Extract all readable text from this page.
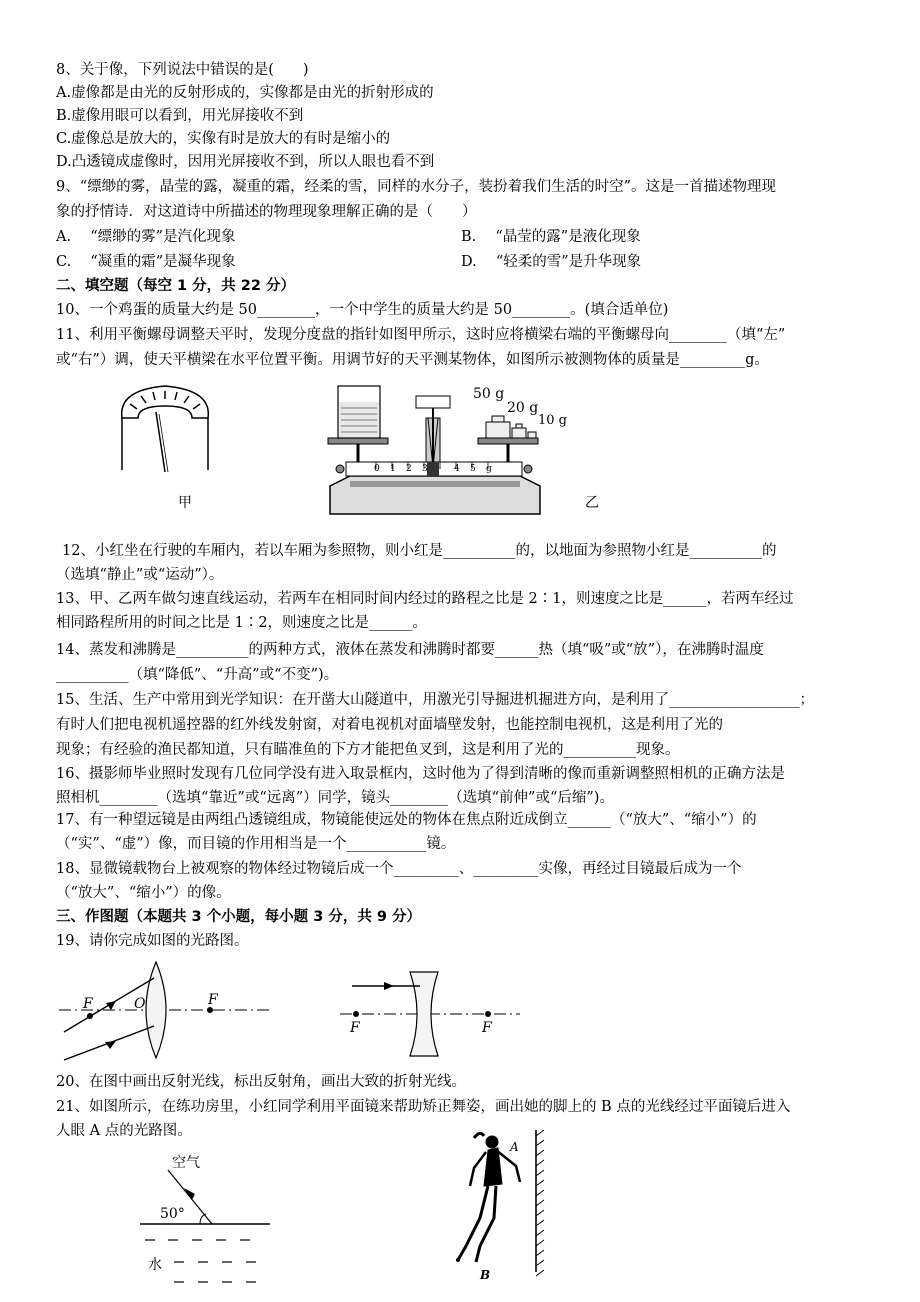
8、关于像，下列说法中错误的是(　　)
A.虚像都是由光的反射形成的，实像都是由光的折射形成的
B.虚像用眼可以看到，用光屏接收不到
C.虚像总是放大的，实像有时是放大的有时是缩小的
D.凸透镜成虚像时，因用光屏接收不到，所以人眼也看不到
9、“缥缈的雾，晶莹的露，凝重的霜，经柔的雪，同样的水分子，装扮着我们生活的时空”。这是一首描述物理现
象的抒情诗．对这道诗中所描述的物理现象理解正确的是（　　）
A.　 “缥缈的雾”是汽化现象	B.　 “晶莹的露”是液化现象
C.　 “凝重的霜”是凝华现象	D.　 “轻柔的雪”是升华现象
二、填空题（每空 1 分，共 22 分）
10、一个鸡蛋的质量大约是 50________，一个中学生的质量大约是 50________。(填合适单位)
11、利用平衡螺母调整天平时，发现分度盘的指针如图甲所示，这时应将横梁右端的平衡螺母向________（填“左”
或“右”）调，使天平横梁在水平位置平衡。用调节好的天平测某物体，如图所示被测物体的质量是_________g。
甲
50 g
20 g
10 g
0 1 2 3	4 5 g
乙
12、小红坐在行驶的车厢内，若以车厢为参照物，则小红是__________的，以地面为参照物小红是__________的
（选填“静止”或“运动”）。
13、甲、乙两车做匀速直线运动，若两车在相同时间内经过的路程之比是 2∶1，则速度之比是______，若两车经过
相同路程所用的时间之比是 1∶2，则速度之比是______。
14、蒸发和沸腾是__________的两种方式，液体在蒸发和沸腾时都要______热（填“吸”或“放”），在沸腾时温度
__________（填“降低”、“升高”或“不变”)。
15、生活、生产中常用到光学知识：在开凿大山隧道中，用激光引导掘进机掘进方向，是利用了__________________；
有时人们把电视机遥控器的红外线发射窗，对着电视机对面墙壁发射，也能控制电视机，这是利用了光的
现象；有经验的渔民都知道，只有瞄准鱼的下方才能把鱼叉到，这是利用了光的__________现象。
16、摄影师毕业照时发现有几位同学没有进入取景框内，这时他为了得到清晰的像而重新调整照相机的正确方法是
照相机________（选填“靠近”或“远离”）同学，镜头________（选填“前伸”或“后缩”)。
17、有一种望远镜是由两组凸透镜组成，物镜能使远处的物体在焦点附近成倒立______（“放大”、“缩小”）的
（“实”、“虚”）像，而目镜的作用相当是一个___________镜。
18、显微镜载物台上被观察的物体经过物镜后成一个_________、_________实像，再经过目镜最后成为一个
（“放大”、“缩小”）的像。
三、作图题（本题共 3 个小题，每小题 3 分，共 9 分）
19、请你完成如图的光路图。
F	O	F
F	F
20、在图中画出反射光线，标出反射角，画出大致的折射光线。
21、如图所示，在练功房里，小红同学利用平面镜来帮助矫正舞姿，画出她的脚上的 B 点的光线经过平面镜后进入
人眼 A 点的光路图。
空气
50°
水
A
B
